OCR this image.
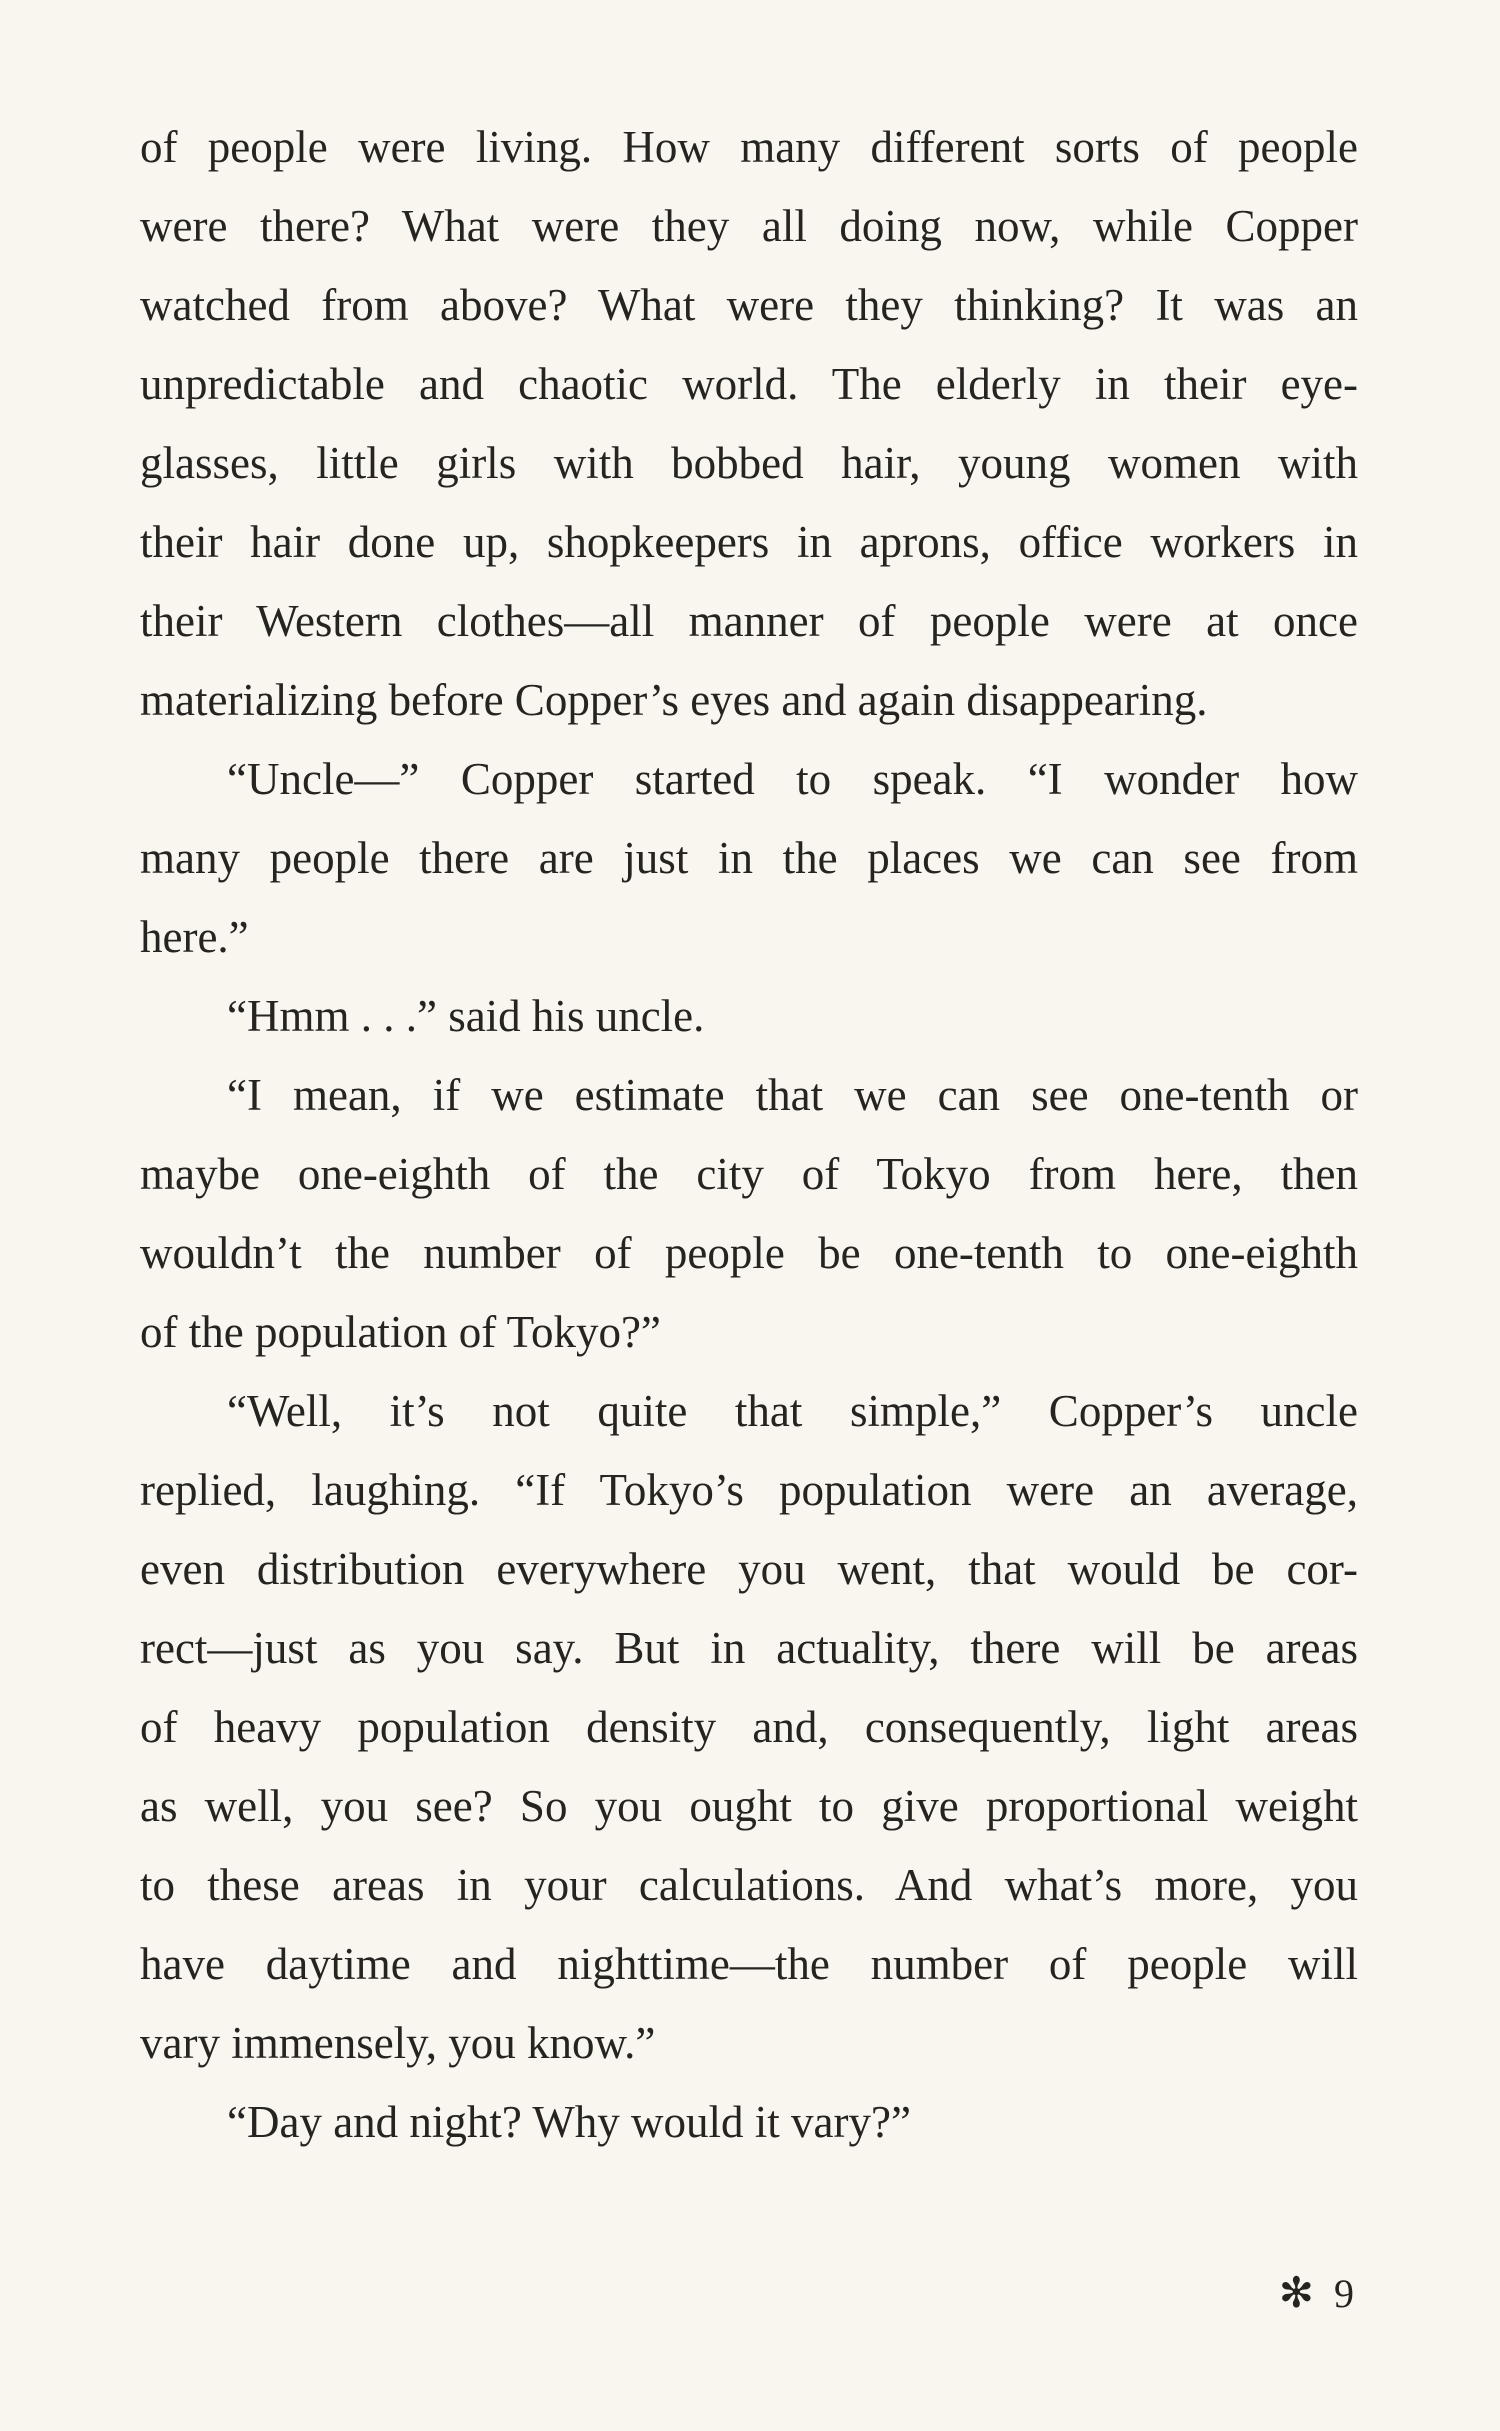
of people were living. How many different sorts of people
were there? What were they all doing now, while Copper
watched from above? What were they thinking? It was an
unpredictable and chaotic world. The elderly in their eye-
glasses, little girls with bobbed hair, young women with
their hair done up, shopkeepers in aprons, office workers in
their Western clothes—all manner of people were at once
materializing before Copper’s eyes and again disappearing.
“Uncle—” Copper started to speak. “I wonder how
many people there are just in the places we can see from
here.”
“Hmm . . .” said his uncle.
“I mean, if we estimate that we can see one-tenth or
maybe one-eighth of the city of Tokyo from here, then
wouldn’t the number of people be one-tenth to one-eighth
of the population of Tokyo?”
“Well, it’s not quite that simple,” Copper’s uncle
replied, laughing. “If Tokyo’s population were an average,
even distribution everywhere you went, that would be cor-
rect—just as you say. But in actuality, there will be areas
of heavy population density and, consequently, light areas
as well, you see? So you ought to give proportional weight
to these areas in your calculations. And what’s more, you
have daytime and nighttime—the number of people will
vary immensely, you know.”
“Day and night? Why would it vary?”
✻ 9
